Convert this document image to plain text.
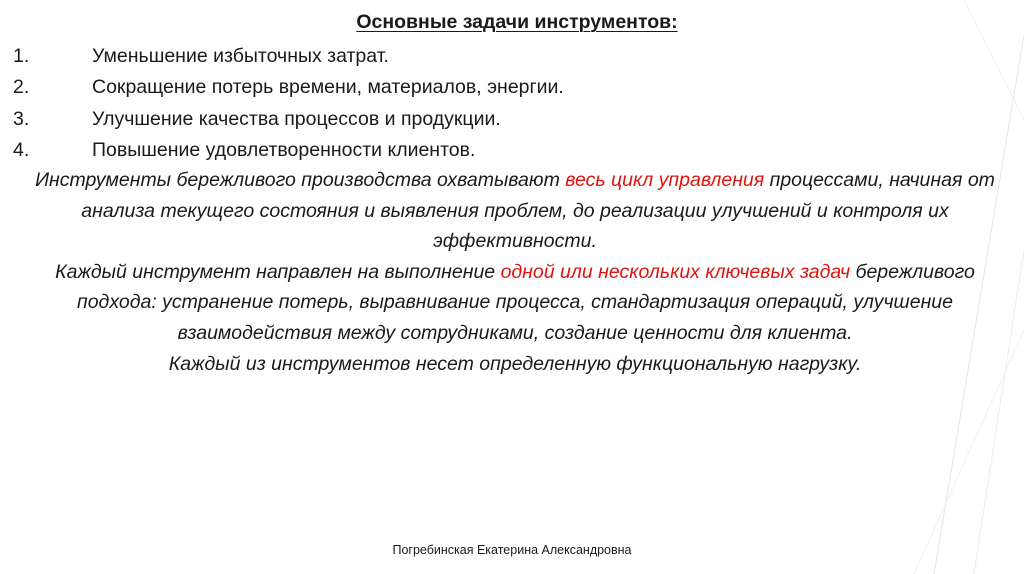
Основные задачи инструментов:
1.	Уменьшение избыточных затрат.
2.	Сокращение потерь времени, материалов, энергии.
3.	Улучшение качества процессов и продукции.
4.	Повышение удовлетворенности клиентов.

Инструменты бережливого производства охватывают весь цикл управления процессами, начиная от анализа текущего состояния и выявления проблем, до реализации улучшений и контроля их эффективности.

Каждый инструмент направлен на выполнение одной или нескольких ключевых задач бережливого подхода: устранение потерь, выравнивание процесса, стандартизация операций, улучшение взаимодействия между сотрудниками, создание ценности для клиента.

Каждый из инструментов несет определенную функциональную нагрузку.

Погребинская Екатерина Александровна
